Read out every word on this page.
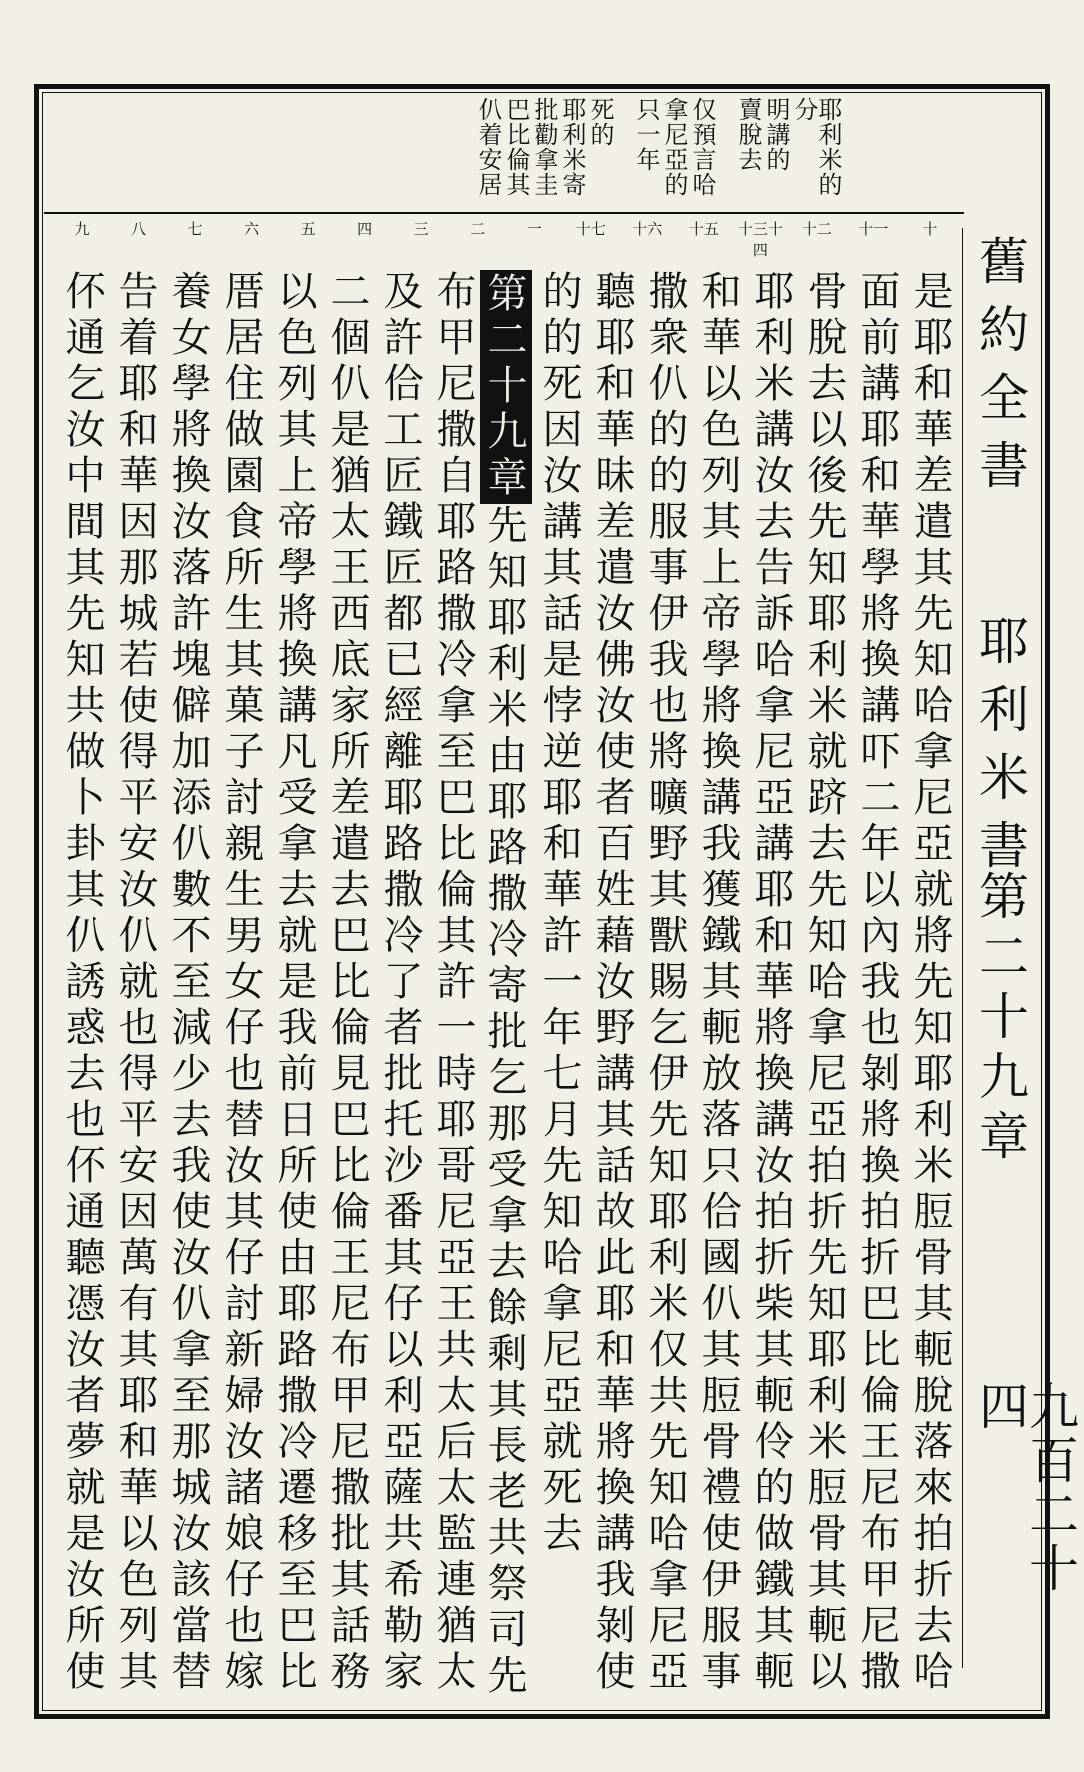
舊約全書
耶利米書
第二十九章
九百二十四
耶利米的分
明講的
賣脫去
仅預言哈
拿尼亞的
只一年
死的
耶利米寄
批勸拿圭
巴比倫其
仈着安居
十
十一
十二
十三十四
十五
十六
十七
一
二
三
四
五
六
七
八
九
是耶和華差遣其先知哈拿尼亞就將先知耶利米脰骨其軛脫落來拍折去哈
面前講耶和華學將換講吓二年以內我也剝將換拍折巴比倫王尼布甲尼撒
骨脫去以後先知耶利米就跻去先知哈拿尼亞拍折先知耶利米脰骨其軛以
耶利米講汝去告訴哈拿尼亞講耶和華將換講汝拍折柴其軛伶的做鐵其軛
和華以色列其上帝學將換講我獲鐵其軛放落只佮國仈其脰骨禮使伊服事
撒衆仈的的服事伊我也將曠野其獸賜乞伊先知耶利米仅共先知哈拿尼亞
聽耶和華昧差遣汝佛汝使者百姓藉汝野講其話故此耶和華將換講我剝使
的的死因汝講其話是悖逆耶和華許一年七月先知哈拿尼亞就死去
第二十九章先知耶利米由耶路撒冷寄批乞那受拿去餘剩其長老共祭司先
布甲尼撒自耶路撒冷拿至巴比倫其許一時耶哥尼亞王共太后太監連猶太
及許佮工匠鐵匠都已經離耶路撒冷了者批托沙番其仔以利亞薩共希勒家
二個仈是猶太王西底家所差遣去巴比倫見巴比倫王尼布甲尼撒批其話務
以色列其上帝學將換講凡受拿去就是我前日所使由耶路撒冷遷移至巴比
厝居住做園食所生其菓子討親生男女仔也替汝其仔討新婦汝諸娘仔也嫁
養女學將換汝落許塊僻加添仈數不至減少去我使汝仈拿至那城汝該當替
告着耶和華因那城若使得平安汝仈就也得平安因萬有其耶和華以色列其
伓通乞汝中間其先知共做卜卦其仈誘惑去也伓通聽憑汝者夢就是汝所使
